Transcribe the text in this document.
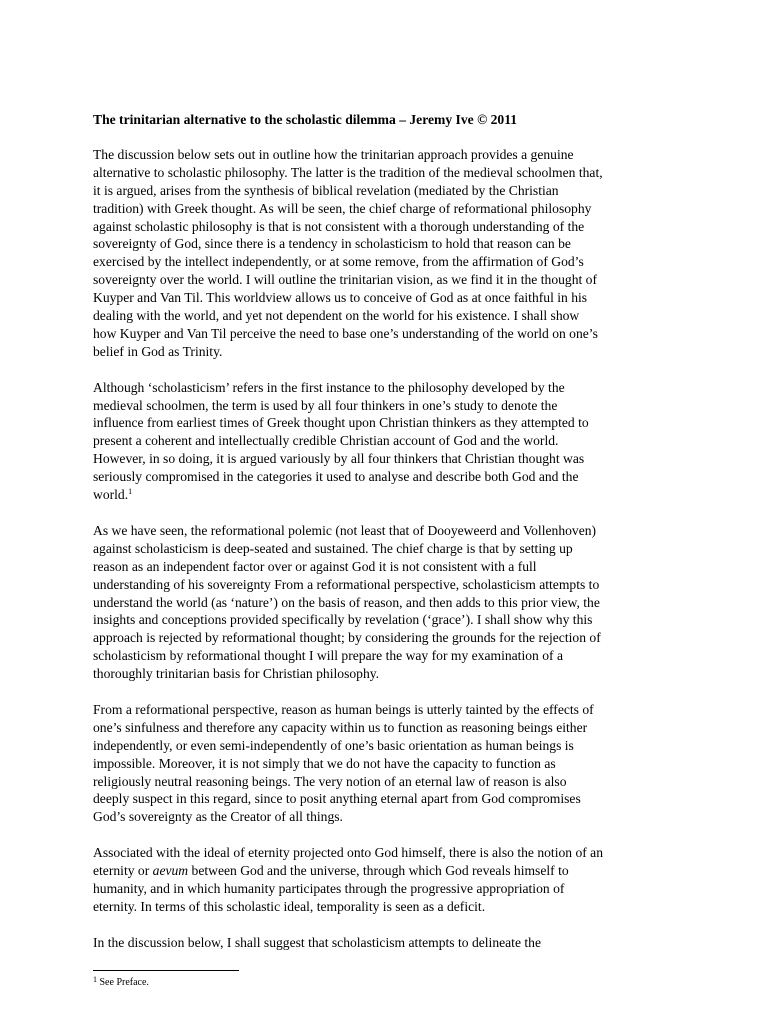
The trinitarian alternative to the scholastic dilemma – Jeremy Ive © 2011
The discussion below sets out in outline how the trinitarian approach provides a genuine
alternative to scholastic philosophy. The latter is the tradition of the medieval schoolmen that,
it is argued, arises from the synthesis of biblical revelation (mediated by the Christian
tradition) with Greek thought. As will be seen, the chief charge of reformational philosophy
against scholastic philosophy is that is not consistent with a thorough understanding of the
sovereignty of God, since there is a tendency in scholasticism to hold that reason can be
exercised by the intellect independently, or at some remove, from the affirmation of God’s
sovereignty over the world. I will outline the trinitarian vision, as we find it in the thought of
Kuyper and Van Til. This worldview allows us to conceive of God as at once faithful in his
dealing with the world, and yet not dependent on the world for his existence. I shall show
how Kuyper and Van Til perceive the need to base one’s understanding of the world on one’s
belief in God as Trinity.
Although ‘scholasticism’ refers in the first instance to the philosophy developed by the
medieval schoolmen, the term is used by all four thinkers in one’s study to denote the
influence from earliest times of Greek thought upon Christian thinkers as they attempted to
present a coherent and intellectually credible Christian account of God and the world.
However, in so doing, it is argued variously by all four thinkers that Christian thought was
seriously compromised in the categories it used to analyse and describe both God and the
world.$^1$
As we have seen, the reformational polemic (not least that of Dooyeweerd and Vollenhoven)
against scholasticism is deep-seated and sustained. The chief charge is that by setting up
reason as an independent factor over or against God it is not consistent with a full
understanding of his sovereignty From a reformational perspective, scholasticism attempts to
understand the world (as ‘nature’) on the basis of reason, and then adds to this prior view, the
insights and conceptions provided specifically by revelation (‘grace’). I shall show why this
approach is rejected by reformational thought; by considering the grounds for the rejection of
scholasticism by reformational thought I will prepare the way for my examination of a
thoroughly trinitarian basis for Christian philosophy.
From a reformational perspective, reason as human beings is utterly tainted by the effects of
one’s sinfulness and therefore any capacity within us to function as reasoning beings either
independently, or even semi-independently of one’s basic orientation as human beings is
impossible. Moreover, it is not simply that we do not have the capacity to function as
religiously neutral reasoning beings. The very notion of an eternal law of reason is also
deeply suspect in this regard, since to posit anything eternal apart from God compromises
God’s sovereignty as the Creator of all things.
Associated with the ideal of eternity projected onto God himself, there is also the notion of an
eternity or aevum between God and the universe, through which God reveals himself to
humanity, and in which humanity participates through the progressive appropriation of
eternity. In terms of this scholastic ideal, temporality is seen as a deficit.
In the discussion below, I shall suggest that scholasticism attempts to delineate the
$^1$ See Preface.
